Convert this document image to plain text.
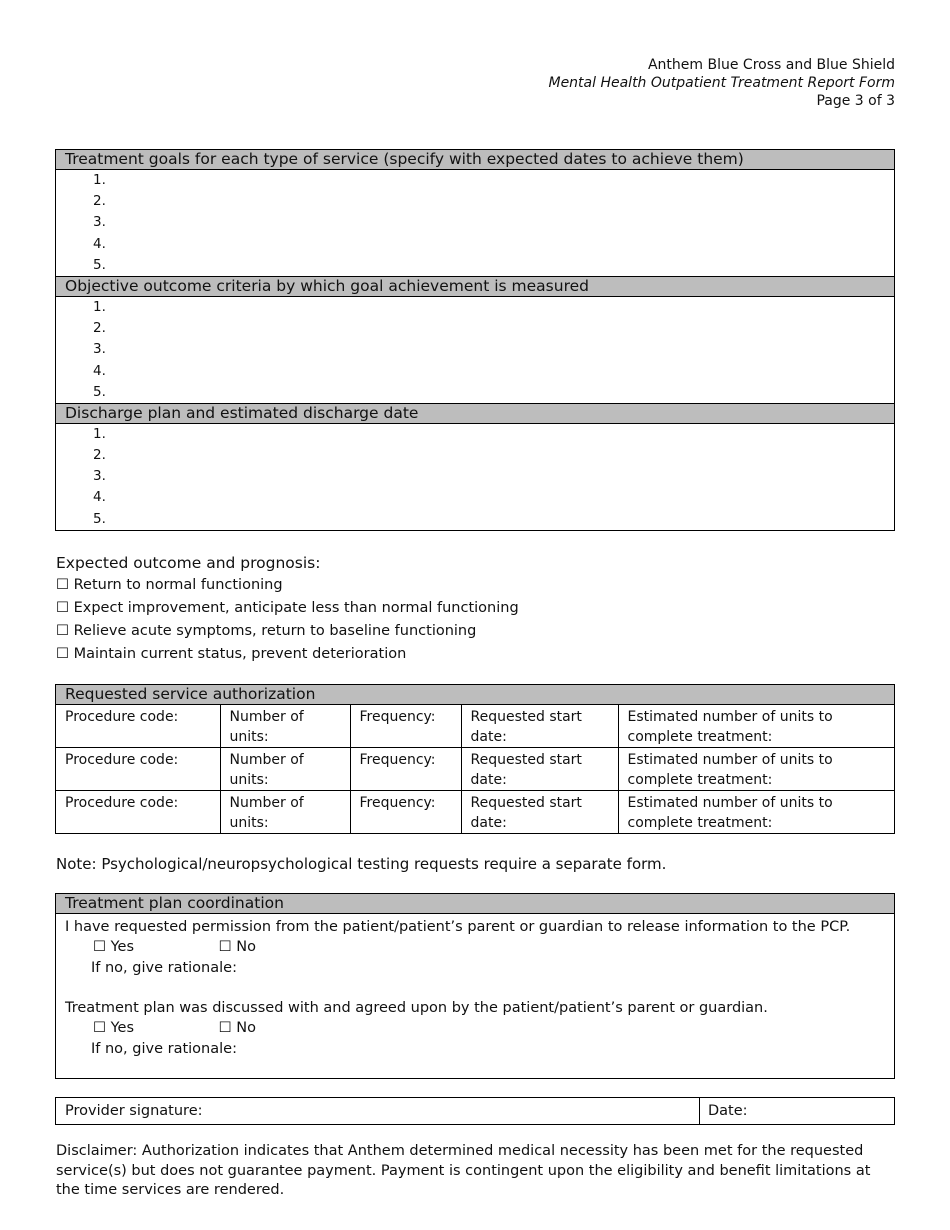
Anthem Blue Cross and Blue Shield
Mental Health Outpatient Treatment Report Form
Page 3 of 3
Treatment goals for each type of service (specify with expected dates to achieve them)
1.
2.
3.
4.
5.
Objective outcome criteria by which goal achievement is measured
1.
2.
3.
4.
5.
Discharge plan and estimated discharge date
1.
2.
3.
4.
5.
Expected outcome and prognosis:
☐ Return to normal functioning
☐ Expect improvement, anticipate less than normal functioning
☐ Relieve acute symptoms, return to baseline functioning
☐ Maintain current status, prevent deterioration
Requested service authorization
Procedure code:	Number of units:	Frequency:	Requested start date:	Estimated number of units to complete treatment:
Procedure code:	Number of units:	Frequency:	Requested start date:	Estimated number of units to complete treatment:
Procedure code:	Number of units:	Frequency:	Requested start date:	Estimated number of units to complete treatment:
Note: Psychological/neuropsychological testing requests require a separate form.
Treatment plan coordination
I have requested permission from the patient/patient’s parent or guardian to release information to the PCP.
☐ Yes	☐ No
If no, give rationale:
Treatment plan was discussed with and agreed upon by the patient/patient’s parent or guardian.
☐ Yes	☐ No
If no, give rationale:
Provider signature:	Date:
Disclaimer: Authorization indicates that Anthem determined medical necessity has been met for the requested service(s) but does not guarantee payment. Payment is contingent upon the eligibility and benefit limitations at the time services are rendered.
